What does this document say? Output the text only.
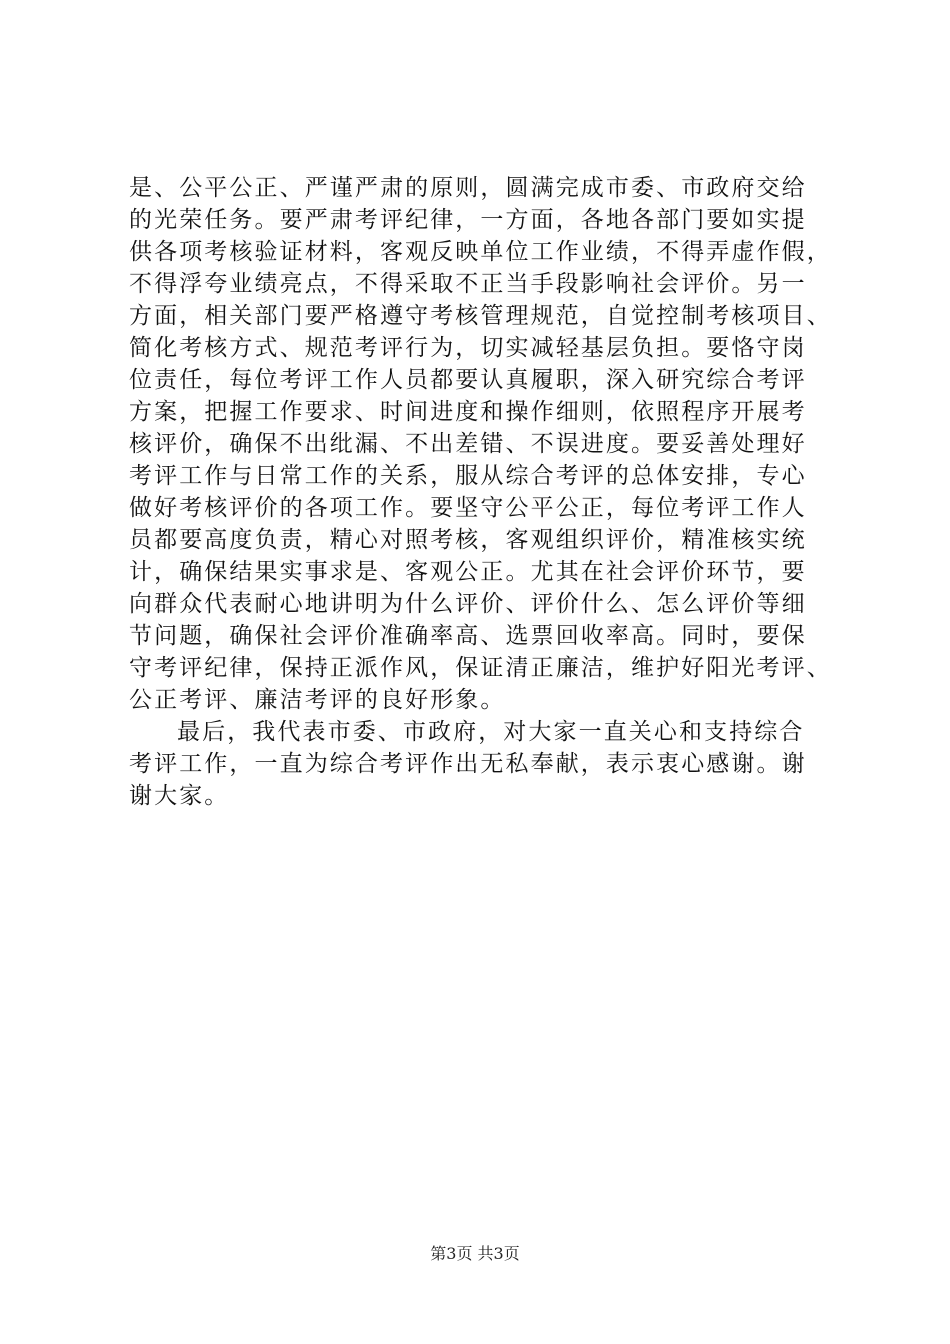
是、公平公正、严谨严肃的原则，圆满完成市委、市政府交给
的光荣任务。要严肃考评纪律，一方面，各地各部门要如实提
供各项考核验证材料，客观反映单位工作业绩，不得弄虚作假，
不得浮夸业绩亮点，不得采取不正当手段影响社会评价。另一
方面，相关部门要严格遵守考核管理规范，自觉控制考核项目、
简化考核方式、规范考评行为，切实减轻基层负担。要恪守岗
位责任，每位考评工作人员都要认真履职，深入研究综合考评
方案，把握工作要求、时间进度和操作细则，依照程序开展考
核评价，确保不出纰漏、不出差错、不误进度。要妥善处理好
考评工作与日常工作的关系，服从综合考评的总体安排，专心
做好考核评价的各项工作。要坚守公平公正，每位考评工作人
员都要高度负责，精心对照考核，客观组织评价，精准核实统
计，确保结果实事求是、客观公正。尤其在社会评价环节，要
向群众代表耐心地讲明为什么评价、评价什么、怎么评价等细
节问题，确保社会评价准确率高、选票回收率高。同时，要保
守考评纪律，保持正派作风，保证清正廉洁，维护好阳光考评、
公正考评、廉洁考评的良好形象。
最后，我代表市委、市政府，对大家一直关心和支持综合
考评工作，一直为综合考评作出无私奉献，表示衷心感谢。谢
谢大家。
第3页 共3页
